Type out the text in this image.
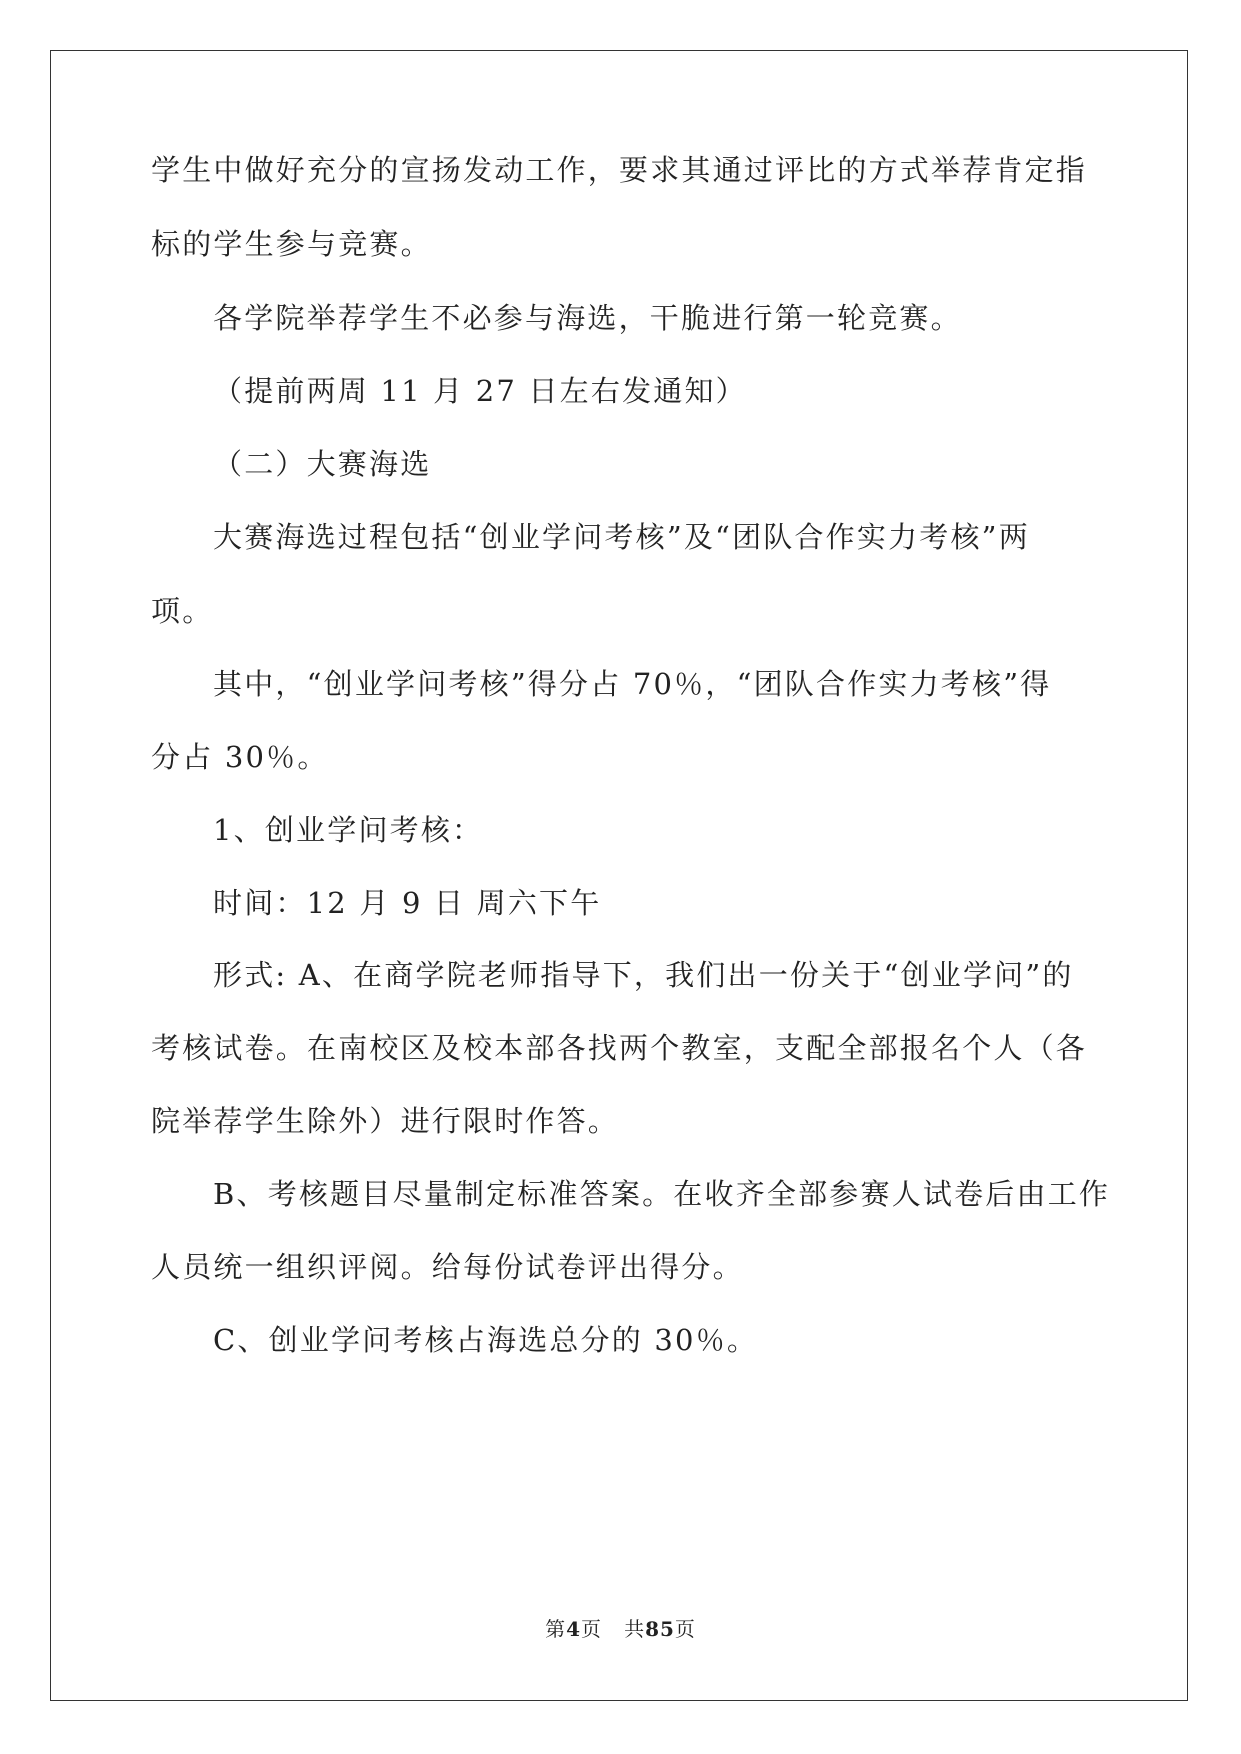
学生中做好充分的宣扬发动工作，要求其通过评比的方式举荐肯定指
标的学生参与竞赛。
各学院举荐学生不必参与海选，干脆进行第一轮竞赛。
（提前两周 11 月 27 日左右发通知）
（二）大赛海选
大赛海选过程包括“创业学问考核”及“团队合作实力考核”两
项。
其中，“创业学问考核”得分占 70％，“团队合作实力考核”得
分占 30％。
1、创业学问考核：
时间：12 月 9 日 周六下午
形式: A、在商学院老师指导下，我们出一份关于“创业学问”的
考核试卷。在南校区及校本部各找两个教室，支配全部报名个人（各
院举荐学生除外）进行限时作答。
B、考核题目尽量制定标准答案。在收齐全部参赛人试卷后由工作
人员统一组织评阅。给每份试卷评出得分。
C、创业学问考核占海选总分的 30％。
第4页   共85页
